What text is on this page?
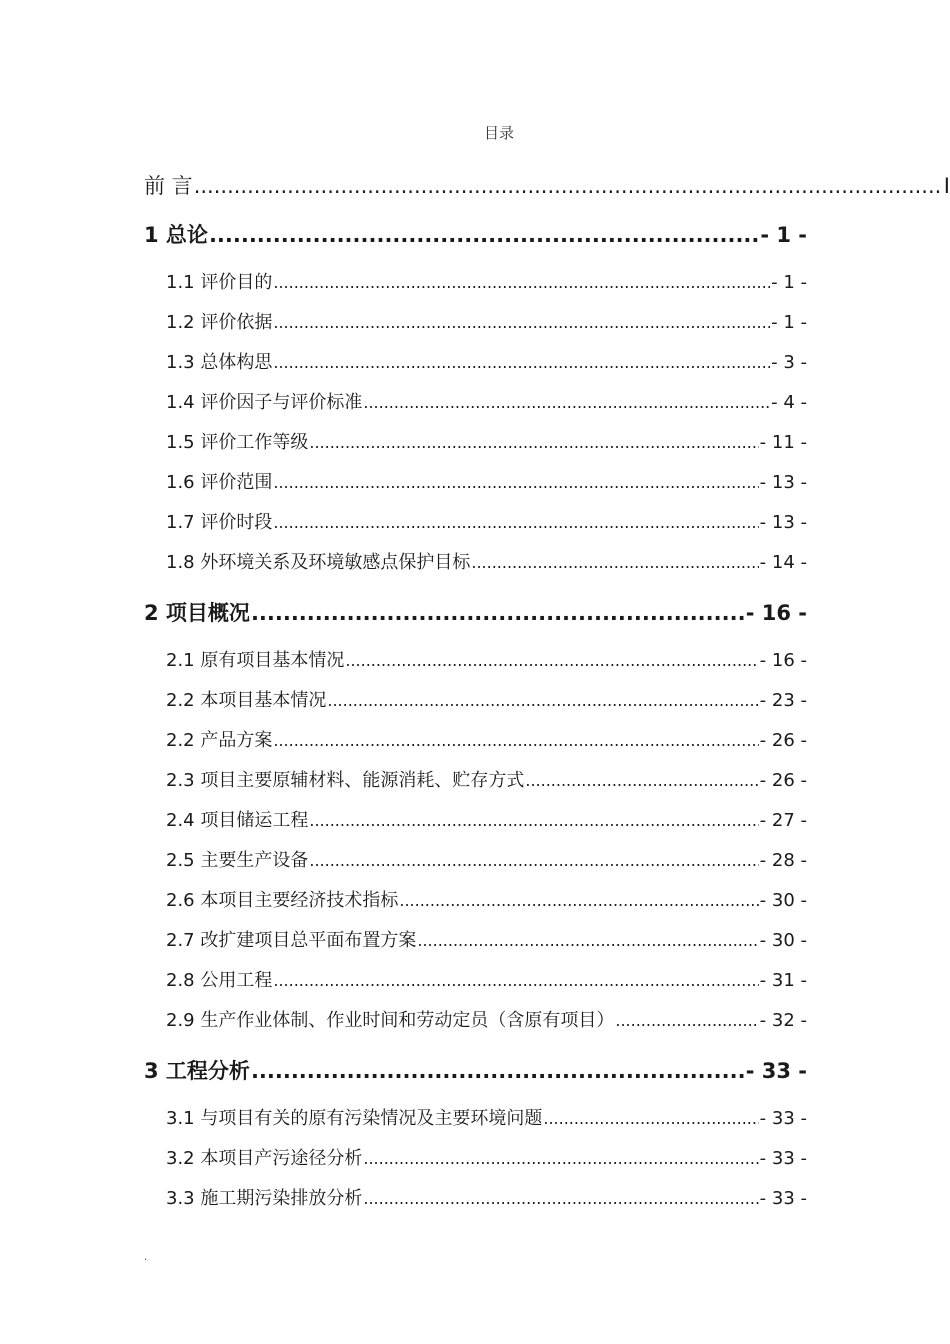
目录
前 言 .....	I
1 总论 .....	- 1 -
1.1 评价目的 .....	- 1 -
1.2 评价依据 .....	- 1 -
1.3 总体构思 .....	- 3 -
1.4 评价因子与评价标准 .....	- 4 -
1.5 评价工作等级 .....	- 11 -
1.6 评价范围 .....	- 13 -
1.7 评价时段 .....	- 13 -
1.8 外环境关系及环境敏感点保护目标 .....	- 14 -
2 项目概况 .....	- 16 -
2.1 原有项目基本情况 .....	- 16 -
2.2 本项目基本情况 .....	- 23 -
2.2 产品方案 .....	- 26 -
2.3 项目主要原辅材料、能源消耗、贮存方式 .....	- 26 -
2.4 项目储运工程 .....	- 27 -
2.5 主要生产设备 .....	- 28 -
2.6 本项目主要经济技术指标 .....	- 30 -
2.7 改扩建项目总平面布置方案 .....	- 30 -
2.8 公用工程 .....	- 31 -
2.9 生产作业体制、作业时间和劳动定员（含原有项目） .....	- 32 -
3 工程分析 .....	- 33 -
3.1 与项目有关的原有污染情况及主要环境问题 .....	- 33 -
3.2 本项目产污途径分析 .....	- 33 -
3.3 施工期污染排放分析 .....	- 33 -
.
